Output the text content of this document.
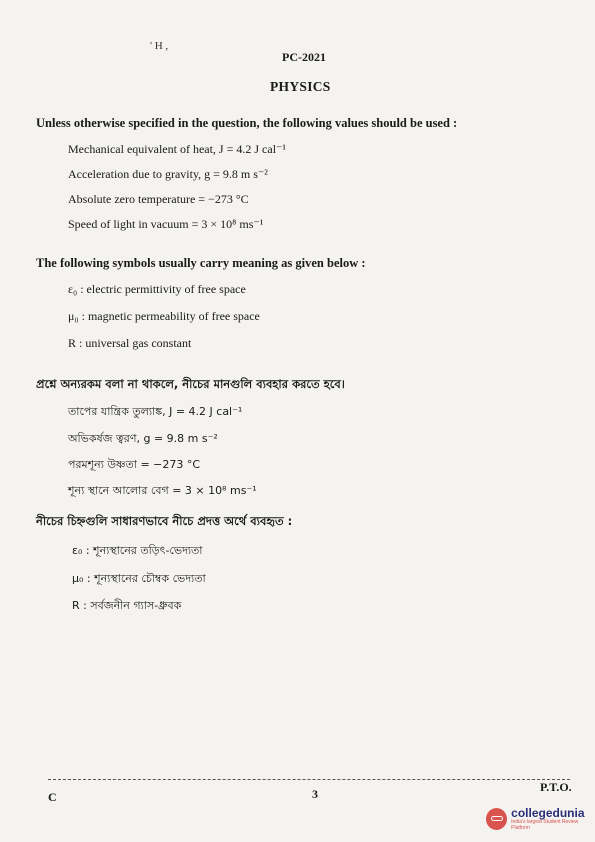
' H ,
PC-2021
PHYSICS
Unless otherwise specified in the question, the following values should be used :
Mechanical equivalent of heat, J = 4.2 J cal⁻¹
Acceleration due to gravity, g = 9.8 m s⁻²
Absolute zero temperature = −273 °C
Speed of light in vacuum = 3 × 10⁸ ms⁻¹
The following symbols usually carry meaning as given below :
ε₀ : electric permittivity of free space
μ₀ : magnetic permeability of free space
R : universal gas constant
প্রশ্নে অন্যরকম বলা না থাকলে, নীচের মানগুলি ব্যবহার করতে হবে।
তাপের যান্ত্রিক তুল্যাঙ্ক, J = 4.2 J cal⁻¹
অভিকর্ষজ ত্বরণ, g = 9.8 m s⁻²
পরমশূন্য উষ্ণতা = −273 °C
শূন্য স্থানে আলোর বেগ = 3 × 10⁸ ms⁻¹
নীচের চিহ্নগুলি সাধারণভাবে নীচে প্রদত্ত অর্থে ব্যবহৃত :
ε₀ : শূন্যস্থানের তড়িৎ-ভেদ্যতা
μ₀ : শূন্যস্থানের চৌম্বক ভেদ্যতা
R : সর্বজনীন গ্যাস-ধ্রুবক
C	3	P.T.O.
collegedunia
India's largest Student Review Platform
